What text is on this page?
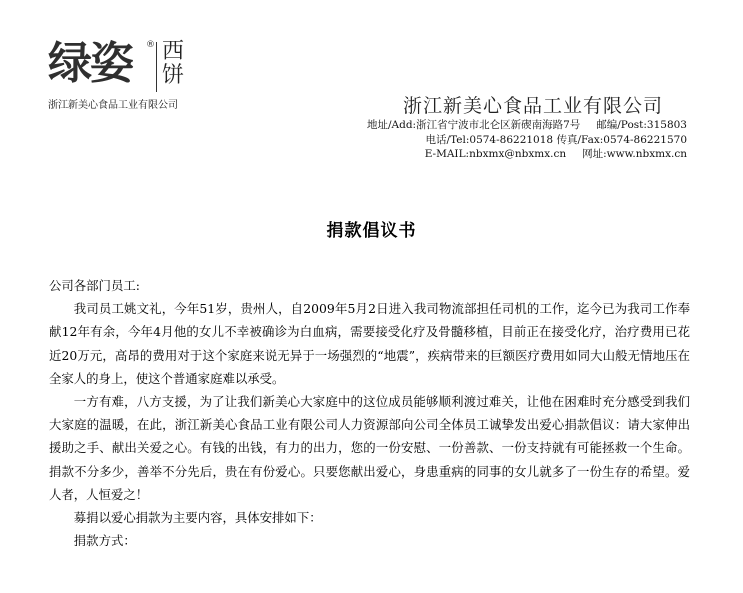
绿姿 ® 西饼
浙江新美心食品工业有限公司	浙江新美心食品工业有限公司
地址/Add:浙江省宁波市北仑区新碶南海路7号 邮编/Post:315803
电话/Tel:0574-86221018 传真/Fax:0574-86221570
E-MAIL:nbxmx@nbxmx.cn 网址:www.nbxmx.cn
捐款倡议书

公司各部门员工:

我司员工姚文礼，今年51岁，贵州人，自2009年5月2日进入我司物流部担任司机的工作，迄今已为我司工作奉献12年有余，今年4月他的女儿不幸被确诊为白血病，需要接受化疗及骨髓移植，目前正在接受化疗，治疗费用已花近20万元，高昂的费用对于这个家庭来说无异于一场强烈的“地震”，疾病带来的巨额医疗费用如同大山般无情地压在全家人的身上，使这个普通家庭难以承受。

一方有难，八方支援，为了让我们新美心大家庭中的这位成员能够顺利渡过难关，让他在困难时充分感受到我们大家庭的温暖，在此，浙江新美心食品工业有限公司人力资源部向公司全体员工诚挚发出爱心捐款倡议：请大家伸出援助之手、献出关爱之心。有钱的出钱，有力的出力，您的一份安慰、一份善款、一份支持就有可能拯救一个生命。捐款不分多少，善举不分先后，贵在有份爱心。只要您献出爱心，身患重病的同事的女儿就多了一份生存的希望。爱人者，人恒爱之！

募捐以爱心捐款为主要内容，具体安排如下：

捐款方式：
